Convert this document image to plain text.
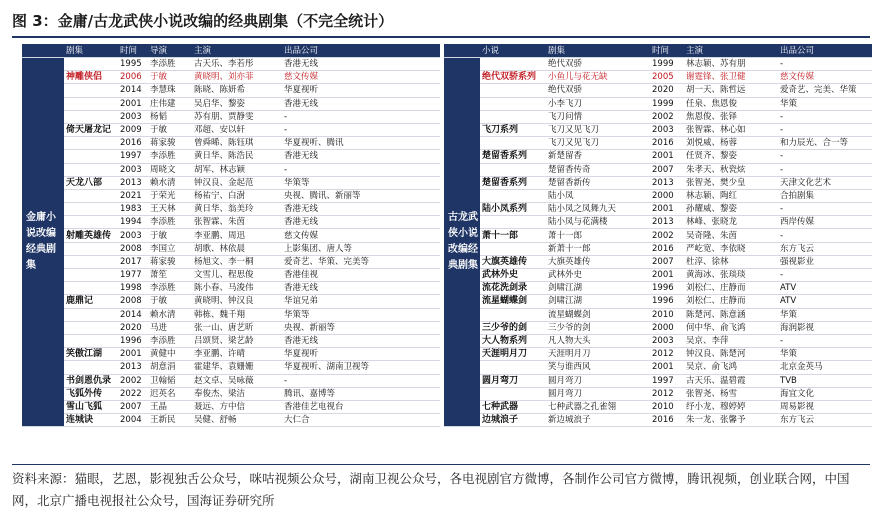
图 3：金庸/古龙武侠小说改编的经典剧集（不完全统计）
	剧集	时间	导演	主演	出品公司
金庸小说改编经典剧集		1995	李添胜	古天乐、李若彤	香港无线
	神雕侠侣	2006	于敏	黄晓明、刘亦菲	慈文传媒
		2014	李慧珠	陈晓、陈妍希	华夏视听
		2001	庄伟建	吴启华、黎姿	香港无线
		2003	杨韬	苏有朋、贾静雯	-
	倚天屠龙记	2009	于敏	邓超、安以轩	-
		2016	蒋家骏	曾舜晞、陈钰琪	华夏视听、腾讯
		1997	李添胜	黄日华、陈浩民	香港无线
		2003	周晓文	胡军、林志颖	-
	天龙八部	2013	赖水清	钟汉良、金起范	华策等
		2021	于荣光	杨祐宁、白澍	央视、腾讯、新丽等
		1983	王天林	黄日华、翁美玲	香港无线
		1994	李添胜	张智霖、朱茵	香港无线
	射雕英雄传	2003	于敏	李亚鹏、周迅	慈文传媒
		2008	李国立	胡歌、林依晨	上影集团、唐人等
		2017	蒋家骏	杨旭文、李一桐	爱奇艺、华策、完美等
		1977	萧笙	文雪儿、程思俊	香港佳视
		1998	李添胜	陈小春、马浚伟	香港无线
	鹿鼎记	2008	于敏	黄晓明、钟汉良	华谊兄弟
		2014	赖水清	韩栋、魏千翔	华策等
		2020	马进	张一山、唐艺昕	央视、新丽等
		1996	李添胜	吕颂贤、梁艺龄	香港无线
	笑傲江湖	2001	黄健中	李亚鹏、许晴	华夏视听
		2013	胡意涓	霍建华、袁姗姗	华夏视听、湖南卫视等
	书剑恩仇录	2002	卫翰韬	赵文卓、吴咏薇	-
	飞狐外传	2022	迟英名	奉俊杰、梁洁	腾讯、嘉博等
	雪山飞狐	2007	王晶	聂远、方中信	香港佳艺电视台
	连城诀	2004	王新民	吴健、舒畅	大仁合
	小说	剧集	时间	主演	出品公司
古龙武侠小说改编经典剧集		绝代双骄	1999	林志颖、苏有朋	-
	绝代双骄系列	小鱼儿与花无缺	2005	谢霆锋、张卫健	慈文传媒
		绝代双骄	2020	胡一天、陈哲远	爱奇艺、完美、华策
		小李飞刀	1999	任泉、焦恩俊	华策
		飞刀问情	2002	焦恩俊、张铎	-
	飞刀系列	飞刀又见飞刀	2003	张智霖、林心如	-
		飞刀又见飞刀	2016	刘悦威、杨蓉	和力辰光、合一等
	楚留香系列	新楚留香	2001	任贤齐、黎姿	-
		楚留香传奇	2007	朱孝天、秋瓷炫	-
	楚留香系列	楚留香新传	2013	张智尧、樊少皇	天津文化艺术
		陆小凤	2000	林志颖、陶红	合拍剧集
	陆小凤系列	陆小凤之凤舞九天	2001	孙耀威、黎姿	-
		陆小凤与花满楼	2013	林峰、张晓龙	西岸传媒
	萧十一郎	萧十一郎	2002	吴奇隆、朱茵	-
		新萧十一郎	2016	严屹宽、李依晓	东方飞云
	大旗英雄传	大旗英雄传	2007	杜淳、徐林	强视影业
	武林外史	武林外史	2001	黄海冰、张琰琰	-
	流花洗剑录	剑啸江湖	1996	刘松仁、庄静而	ATV
	流星蝴蝶剑	剑啸江湖	1996	刘松仁、庄静而	ATV
		流星蝴蝶剑	2010	陈楚河、陈意涵	华策
	三少爷的剑	三少爷的剑	2000	何中华、俞飞鸿	海润影视
	大人物系列	凡人物大头	2003	吴京、李萍	-
	天涯明月刀	天涯明月刀	2012	钟汉良、陈楚河	华策
		笑与谁西风	2001	吴京、俞飞鸿	北京金英马
	圆月弯刀	圆月弯刀	1997	古天乐、温碧霞	TVB
		圆月弯刀	2012	张智尧、杨雪	海宜文化
	七种武器	七种武器之孔雀翎	2010	纾小龙、穆婷婷	周易影视
	边城浪子	新边城浪子	2016	朱一龙、张馨予	东方飞云
资料来源：猫眼，艺恩，影视独舌公众号，咪咕视频公众号，湖南卫视公众号，各电视剧官方微博，各制作公司官方微博，腾讯视频，创业联合网，中国网，北京广播电视报社公众号，国海证券研究所
